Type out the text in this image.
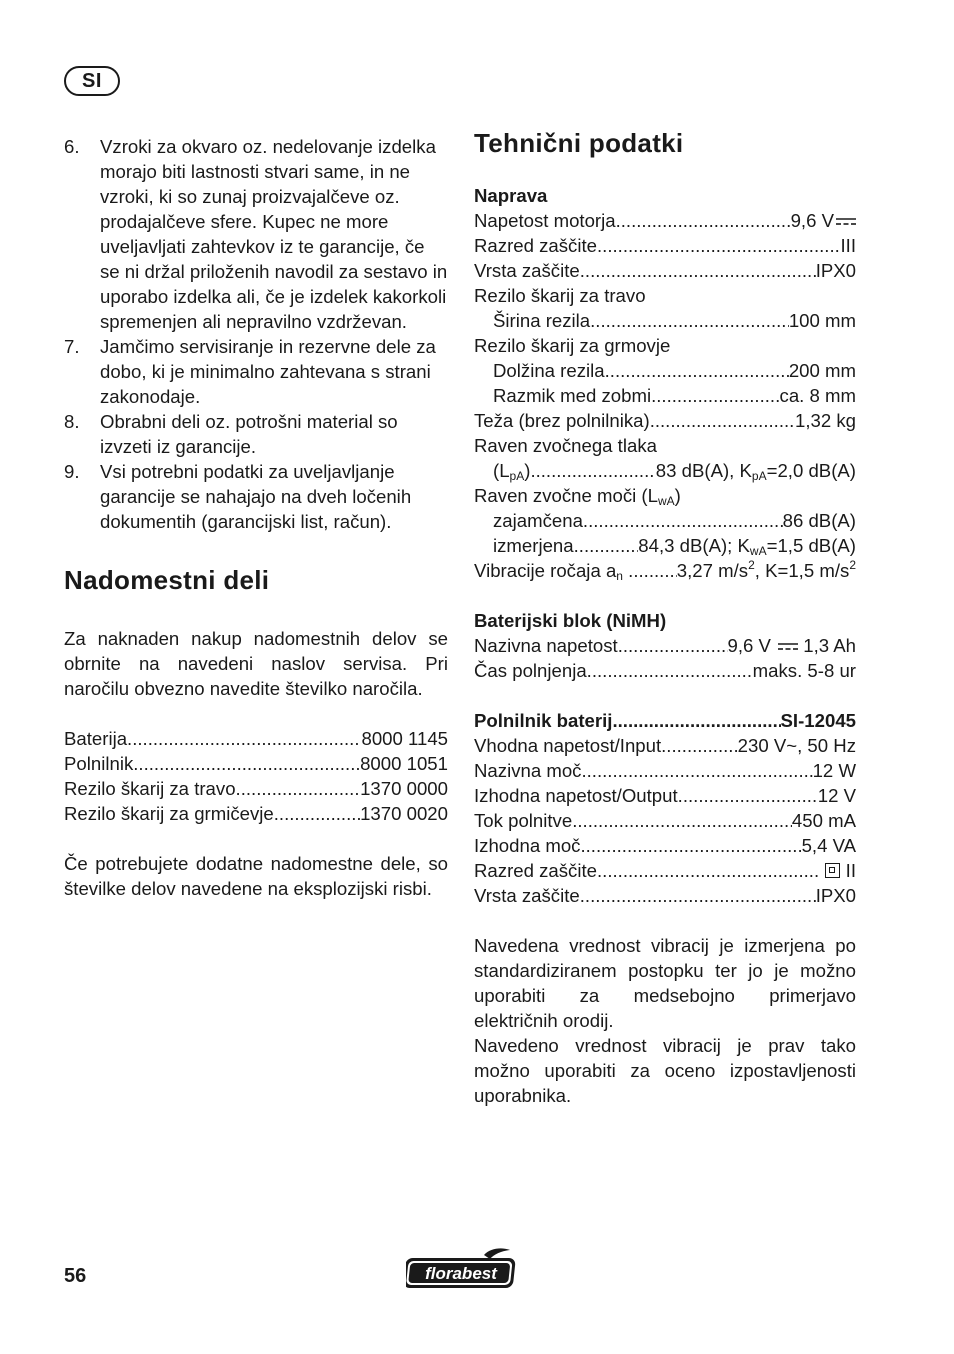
SI
6.	Vzroki za okvaro oz. nedelovanje izdelka morajo biti lastnosti stvari same, in ne vzroki, ki so zunaj proizvajalčeve oz. prodajalčeve sfere. Kupec ne more uveljavljati zahtevkov iz te garancije, če se ni držal priloženih navodil za sestavo in uporabo izdelka ali, če je izdelek kakorkoli spremenjen ali nepravilno vzdrževan.
7.	Jamčimo servisiranje in rezervne dele za dobo, ki je minimalno zahtevana s strani zakonodaje.
8.	Obrabni deli oz. potrošni material so izvzeti iz garancije.
9.	Vsi potrebni podatki za uveljavljanje garancije se nahajajo na dveh ločenih dokumentih (garancijski list, račun).
Nadomestni deli

Za naknaden nakup nadomestnih delov se obrnite na navedeni naslov servisa. Pri naročilu obvezno navedite številko naročila.

Baterija .....	8000 1145
Polnilnik .....	8000 1051
Rezilo škarij za travo .....	1370 0000
Rezilo škarij za grmičevje .....	1370 0020

Če potrebujete dodatne nadomestne dele, so številke delov navedene na eksplozijski risbi.

Tehnični podatki
Naprava
Napetost motorja .....	9,6 V
Razred zaščite .....	III
Vrsta zaščite .....	IPX0
Rezilo škarij za travo
Širina rezila .....	100 mm
Rezilo škarij za grmovje
Dolžina rezila .....	200 mm
Razmik med zobmi .....	ca. 8 mm
Teža (brez polnilnika) .....	1,32 kg
Raven zvočnega tlaka
$(L_{pA})$ .....	83 dB(A), $K_{pA}=2,0$ dB(A)
Raven zvočne moči $(L_{wA})$
zajamčena .....	86 dB(A)
izmerjena .....	84,3 dB(A); $K_{wA}=1,5$ dB(A)
Vibracije ročaja $a_n$ .....	3,27 $m/s^2$, K=1,5 $m/s^2$
Baterijski blok (NiMH)
Nazivna napetost .....	9,6 V 1,3 Ah
Čas polnjenja .....	maks. 5-8 ur
Polnilnik baterij .....	SI-12045
Vhodna napetost/Input .....	230 V~, 50 Hz
Nazivna moč .....	12 W
Izhodna napetost/Output .....	12 V
Tok polnitve .....	450 mA
Izhodna moč .....	5,4 VA
Razred zaščite .....	II
Vrsta zaščite .....	IPX0

Navedena vrednost vibracij je izmerjena po standardiziranem postopku ter jo je možno uporabiti za medsebojno primerjavo električnih orodij.

Navedeno vrednost vibracij je prav tako možno uporabiti za oceno izpostavljenosti uporabnika.

56	florabest
